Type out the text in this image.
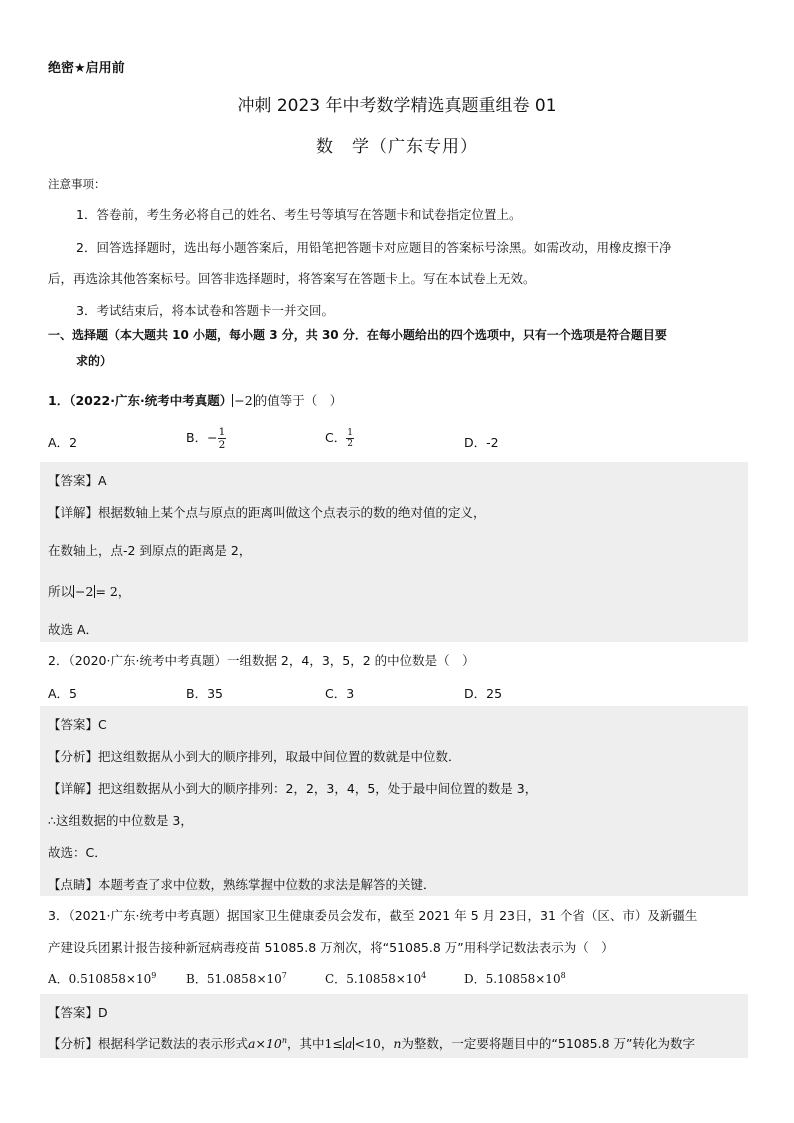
绝密★启用前
冲刺 2023 年中考数学精选真题重组卷 01
数　学（广东专用）
注意事项：
1．答卷前，考生务必将自己的姓名、考生号等填写在答题卡和试卷指定位置上。
2．回答选择题时，选出每小题答案后，用铅笔把答题卡对应题目的答案标号涂黑。如需改动，用橡皮擦干净
后，再选涂其他答案标号。回答非选择题时，将答案写在答题卡上。写在本试卷上无效。
3．考试结束后，将本试卷和答题卡一并交回。
一、选择题（本大题共 10 小题，每小题 3 分，共 30 分．在每小题给出的四个选项中，只有一个选项是符合题目要
求的）
1．（2022·广东·统考中考真题） −2 的值等于（　）
A．2	B．− $\frac{1}{2}$	C． $\frac{1}{2}$	D．-2
【答案】A
【详解】根据数轴上某个点与原点的距离叫做这个点表示的数的绝对值的定义，
在数轴上，点-2 到原点的距离是 2，
所以 −2 = 2，
故选 A．
2．（2020·广东·统考中考真题）一组数据 2，4，3，5，2 的中位数是（　）
A．5	B．35	C．3	D．25
【答案】C
【分析】把这组数据从小到大的顺序排列，取最中间位置的数就是中位数．
【详解】把这组数据从小到大的顺序排列：2，2，3，4，5，处于最中间位置的数是 3，
∴这组数据的中位数是 3，
故选：C．
【点睛】本题考查了求中位数，熟练掌握中位数的求法是解答的关键．
3．（2021·广东·统考中考真题）据国家卫生健康委员会发布，截至 2021 年 5 月 23日，31 个省（区、市）及新疆生
产建设兵团累计报告接种新冠病毒疫苗 51085.8 万剂次，将“51085.8 万”用科学记数法表示为（　）
A．$0.510858\times 10^9$ B．$51.0858\times 10^7$	C．$5.10858\times 10^4$	D．$5.10858\times 10^8$
【答案】D
【分析】根据科学记数法的表示形式$a\times 10^n$，其中1≤ a <10，n为整数，一定要将题目中的“51085.8 万”转化为数字
